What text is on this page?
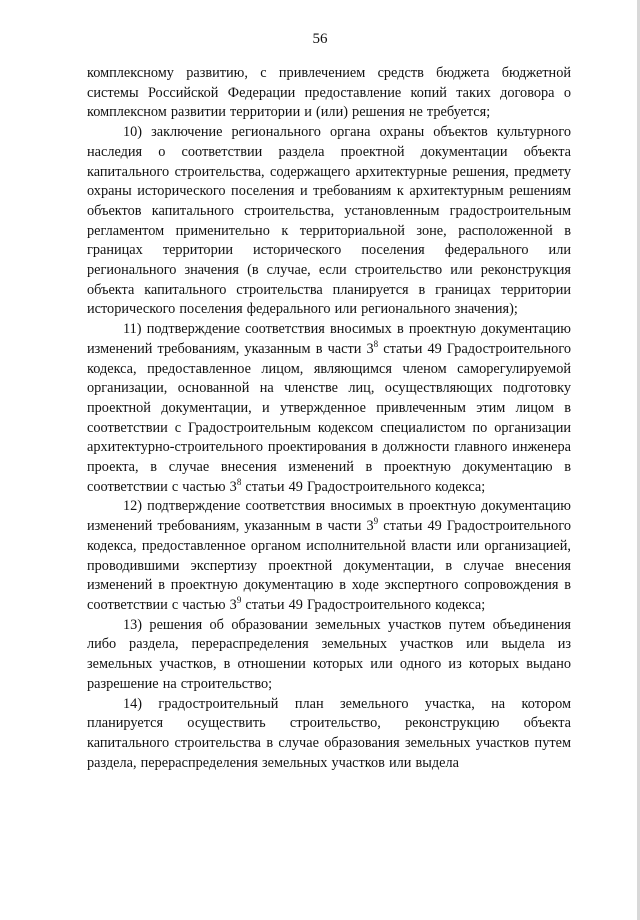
56

комплексному развитию, с привлечением средств бюджета бюджетной системы Российской Федерации предоставление копий таких договора о комплексном развитии территории и (или) решения не требуется;

10) заключение регионального органа охраны объектов культурного наследия о соответствии раздела проектной документации объекта капитального строительства, содержащего архитектурные решения, предмету охраны исторического поселения и требованиям к архитектурным решениям объектов капитального строительства, установленным градостроительным регламентом применительно к территориальной зоне, расположенной в границах территории исторического поселения федерального или регионального значения (в случае, если строительство или реконструкция объекта капитального строительства планируется в границах территории исторического поселения федерального или регионального значения);

11) подтверждение соответствия вносимых в проектную документацию изменений требованиям, указанным в части $3^8$ статьи 49 Градостроительного кодекса, предоставленное лицом, являющимся членом саморегулируемой организации, основанной на членстве лиц, осуществляющих подготовку проектной документации, и утвержденное привлеченным этим лицом в соответствии с Градостроительным кодексом специалистом по организации архитектурно-строительного проектирования в должности главного инженера проекта, в случае внесения изменений в проектную документацию в соответствии с частью $3^8$ статьи 49 Градостроительного кодекса;

12) подтверждение соответствия вносимых в проектную документацию изменений требованиям, указанным в части $3^9$ статьи 49 Градостроительного кодекса, предоставленное органом исполнительной власти или организацией, проводившими экспертизу проектной документации, в случае внесения изменений в проектную документацию в ходе экспертного сопровождения в соответствии с частью $3^9$ статьи 49 Градостроительного кодекса;

13) решения об образовании земельных участков путем объединения либо раздела, перераспределения земельных участков или выдела из земельных участков, в отношении которых или одного из которых выдано разрешение на строительство;

14) градостроительный план земельного участка, на котором планируется осуществить строительство, реконструкцию объекта капитального строительства в случае образования земельных участков путем раздела, перераспределения земельных участков или выдела
